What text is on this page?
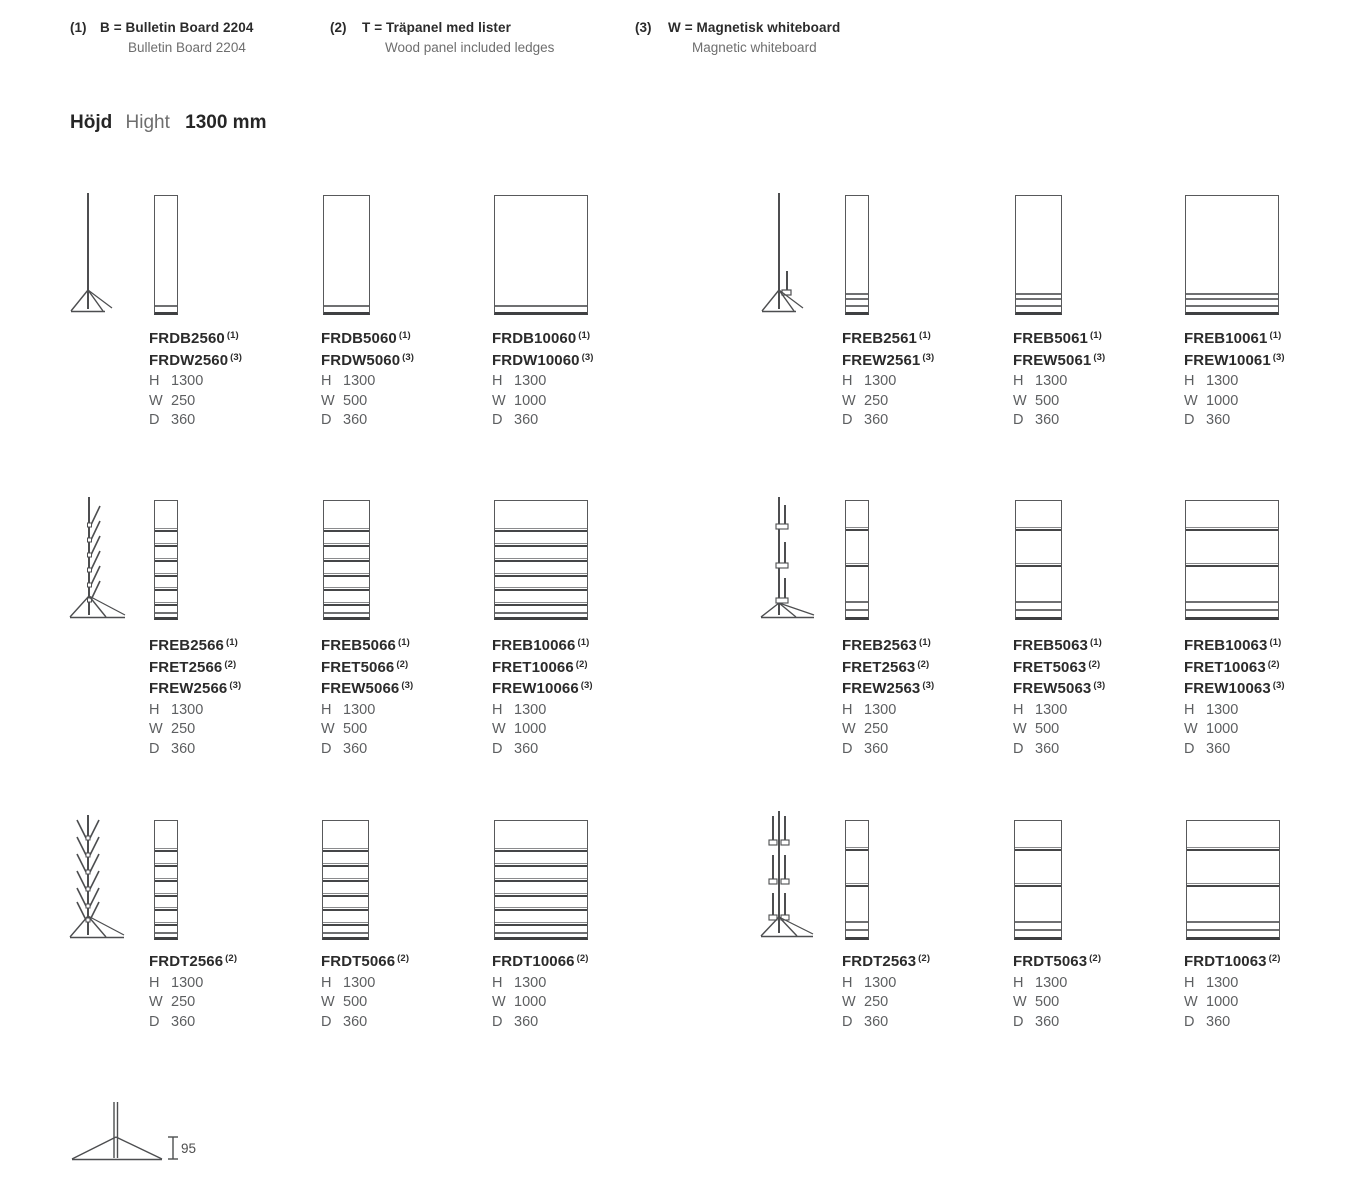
(1) B = Bulletin Board 2204
Bulletin Board 2204
(2) T = Träpanel med lister
Wood panel included ledges
(3) W = Magnetisk whiteboard
Magnetic whiteboard
Höjd Hight 1300 mm
FRDB2560 $^{(1)}$
FRDW2560 $^{(3)}$
H 1300
W 250
D 360
FRDB5060 $^{(1)}$
FRDW5060 $^{(3)}$
H 1300
W 500
D 360
FRDB10060 $^{(1)}$
FRDW10060 $^{(3)}$
H 1300
W 1000
D 360
FREB2561 $^{(1)}$
FREW2561 $^{(3)}$
H 1300
W 250
D 360
FREB5061 $^{(1)}$
FREW5061 $^{(3)}$
H 1300
W 500
D 360
FREB10061 $^{(1)}$
FREW10061 $^{(3)}$
H 1300
W 1000
D 360
FREB2566 $^{(1)}$
FRET2566 $^{(2)}$
FREW2566 $^{(3)}$
H 1300
W 250
D 360
FREB5066 $^{(1)}$
FRET5066 $^{(2)}$
FREW5066 $^{(3)}$
H 1300
W 500
D 360
FREB10066 $^{(1)}$
FRET10066 $^{(2)}$
FREW10066 $^{(3)}$
H 1300
W 1000
D 360
FREB2563 $^{(1)}$
FRET2563 $^{(2)}$
FREW2563 $^{(3)}$
H 1300
W 250
D 360
FREB5063 $^{(1)}$
FRET5063 $^{(2)}$
FREW5063 $^{(3)}$
H 1300
W 500
D 360
FREB10063 $^{(1)}$
FRET10063 $^{(2)}$
FREW10063 $^{(3)}$
H 1300
W 1000
D 360
FRDT2566 $^{(2)}$
H 1300
W 250
D 360
FRDT5066 $^{(2)}$
H 1300
W 500
D 360
FRDT10066 $^{(2)}$
H 1300
W 1000
D 360
FRDT2563 $^{(2)}$
H 1300
W 250
D 360
FRDT5063 $^{(2)}$
H 1300
W 500
D 360
FRDT10063 $^{(2)}$
H 1300
W 1000
D 360
95
